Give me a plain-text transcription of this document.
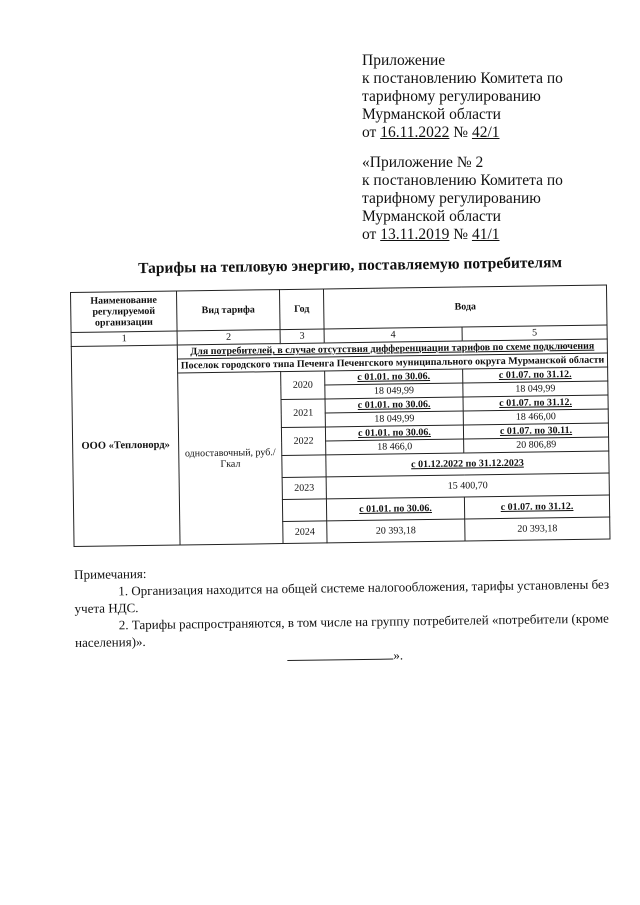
Приложение
к постановлению Комитета по
тарифному регулированию
Мурманской области
от 16.11.2022 № 42/1
«Приложение № 2
к постановлению Комитета по
тарифному регулированию
Мурманской области
от 13.11.2019 № 41/1
Тарифы на тепловую энергию, поставляемую потребителям
Наименование регулируемой организации	Вид тарифа	Год	Вода	
1	2	3	4	5
ООО «Теплонорд»	Для потребителей, в случае отсутствия дифференциации тарифов по схеме подключения			
	Поселок городского типа Печенга Печенгского муниципального округа Мурманской области			
	одноставочный, руб./Гкал	2020	с 01.01. по 30.06.	с 01.07. по 31.12.
			18 049,99	18 049,99
		2021	с 01.01. по 30.06.	с 01.07. по 31.12.
			18 049,99	18 466,00
		2022	с 01.01. по 30.06.	с 01.07. по 30.11.
			18 466,0	20 806,89
			с 01.12.2022 по 31.12.2023	
		2023	15 400,70	
			с 01.01. по 30.06.	с 01.07. по 31.12.
		2024	20 393,18	20 393,18

Примечания:

1. Организация находится на общей системе налогообложения, тарифы установлены без учета НДС.

2. Тарифы распространяются, в том числе на группу потребителей «потребители (кроме населения)».

».
